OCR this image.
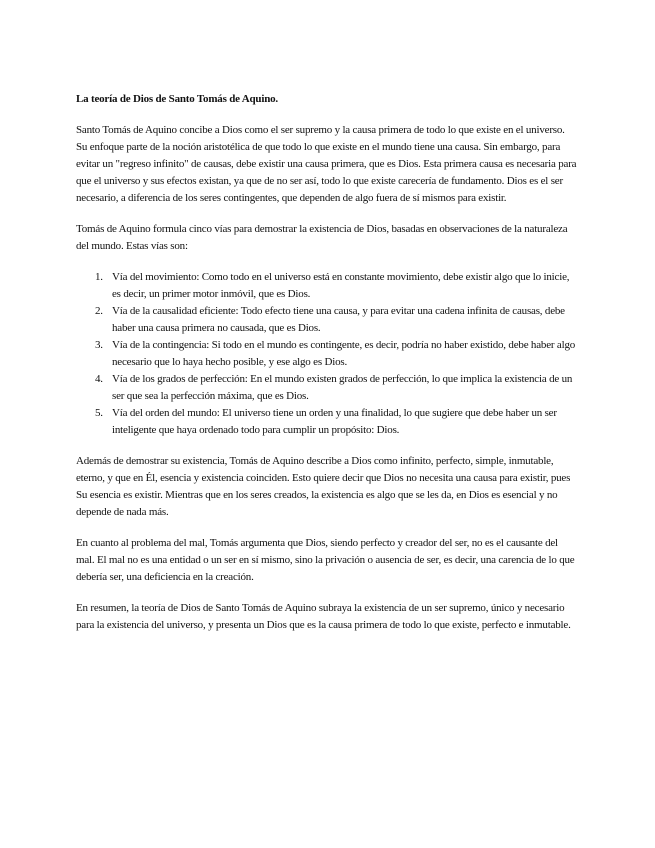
La teoría de Dios de Santo Tomás de Aquino.

Santo Tomás de Aquino concibe a Dios como el ser supremo y la causa primera de todo lo que existe en el universo. Su enfoque parte de la noción aristotélica de que todo lo que existe en el mundo tiene una causa. Sin embargo, para evitar un "regreso infinito" de causas, debe existir una causa primera, que es Dios. Esta primera causa es necesaria para que el universo y sus efectos existan, ya que de no ser así, todo lo que existe carecería de fundamento. Dios es el ser necesario, a diferencia de los seres contingentes, que dependen de algo fuera de sí mismos para existir.

Tomás de Aquino formula cinco vías para demostrar la existencia de Dios, basadas en observaciones de la naturaleza del mundo. Estas vías son:

1. Vía del movimiento: Como todo en el universo está en constante movimiento, debe existir algo que lo inicie, es decir, un primer motor inmóvil, que es Dios.
2. Vía de la causalidad eficiente: Todo efecto tiene una causa, y para evitar una cadena infinita de causas, debe haber una causa primera no causada, que es Dios.
3. Vía de la contingencia: Si todo en el mundo es contingente, es decir, podría no haber existido, debe haber algo necesario que lo haya hecho posible, y ese algo es Dios.
4. Vía de los grados de perfección: En el mundo existen grados de perfección, lo que implica la existencia de un ser que sea la perfección máxima, que es Dios.
5. Vía del orden del mundo: El universo tiene un orden y una finalidad, lo que sugiere que debe haber un ser inteligente que haya ordenado todo para cumplir un propósito: Dios.

Además de demostrar su existencia, Tomás de Aquino describe a Dios como infinito, perfecto, simple, inmutable, eterno, y que en Él, esencia y existencia coinciden. Esto quiere decir que Dios no necesita una causa para existir, pues Su esencia es existir. Mientras que en los seres creados, la existencia es algo que se les da, en Dios es esencial y no depende de nada más.

En cuanto al problema del mal, Tomás argumenta que Dios, siendo perfecto y creador del ser, no es el causante del mal. El mal no es una entidad o un ser en sí mismo, sino la privación o ausencia de ser, es decir, una carencia de lo que debería ser, una deficiencia en la creación.

En resumen, la teoría de Dios de Santo Tomás de Aquino subraya la existencia de un ser supremo, único y necesario para la existencia del universo, y presenta un Dios que es la causa primera de todo lo que existe, perfecto e inmutable.
